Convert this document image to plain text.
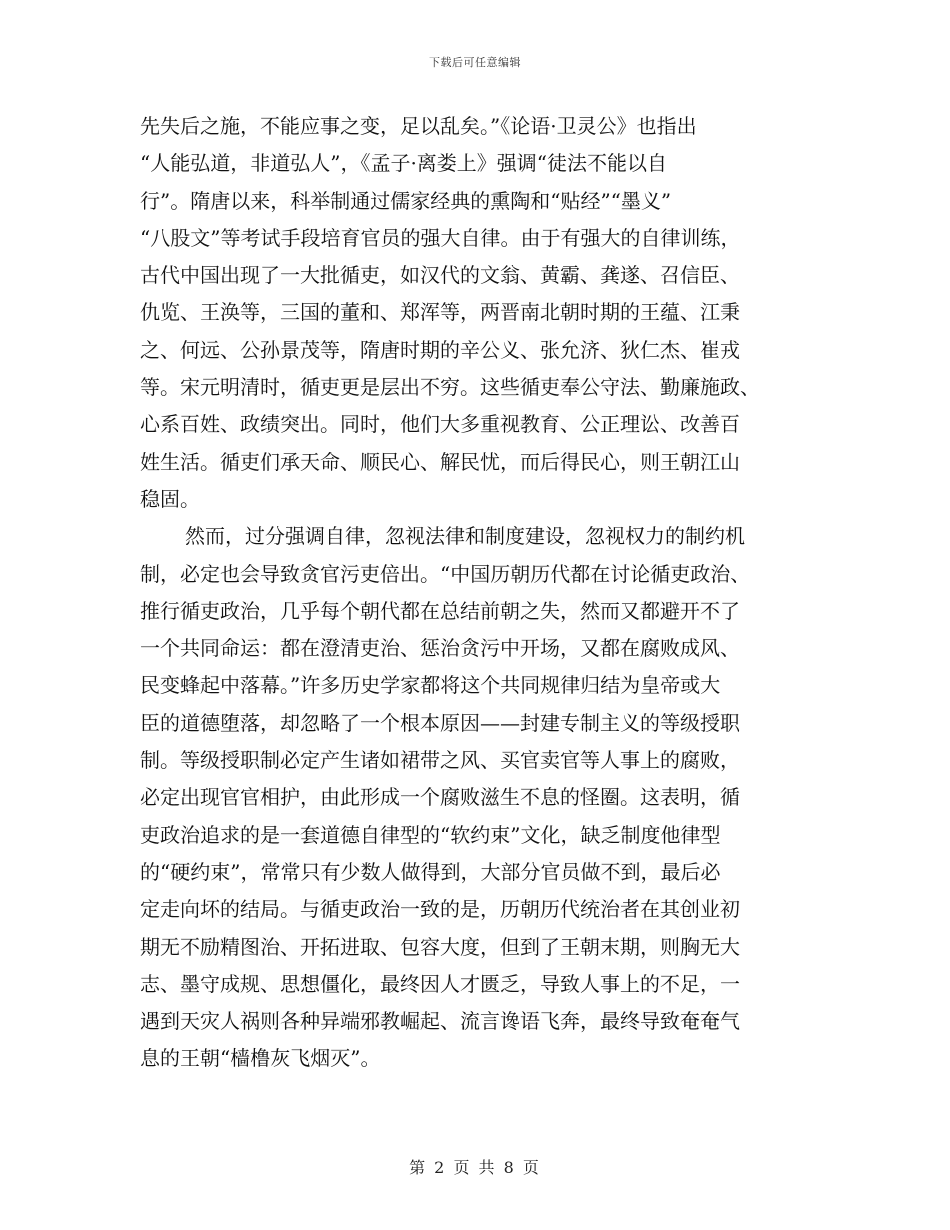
下载后可任意编辑
先失后之施，不能应事之变，足以乱矣。”《论语·卫灵公》也指出
“人能弘道，非道弘人”，《孟子·离娄上》强调“徒法不能以自
行”。隋唐以来，科举制通过儒家经典的熏陶和“贴经”“墨义”
“八股文”等考试手段培育官员的强大自律。由于有强大的自律训练，
古代中国出现了一大批循吏，如汉代的文翁、黄霸、龚遂、召信臣、
仇览、王涣等，三国的董和、郑浑等，两晋南北朝时期的王蕴、江秉
之、何远、公孙景茂等，隋唐时期的辛公义、张允济、狄仁杰、崔戎
等。宋元明清时，循吏更是层出不穷。这些循吏奉公守法、勤廉施政、
心系百姓、政绩突出。同时，他们大多重视教育、公正理讼、改善百
姓生活。循吏们承天命、顺民心、解民忧，而后得民心，则王朝江山
稳固。
然而，过分强调自律，忽视法律和制度建设，忽视权力的制约机
制，必定也会导致贪官污吏倍出。“中国历朝历代都在讨论循吏政治、
推行循吏政治，几乎每个朝代都在总结前朝之失，然而又都避开不了
一个共同命运：都在澄清吏治、惩治贪污中开场，又都在腐败成风、
民变蜂起中落幕。”许多历史学家都将这个共同规律归结为皇帝或大
臣的道德堕落，却忽略了一个根本原因——封建专制主义的等级授职
制。等级授职制必定产生诸如裙带之风、买官卖官等人事上的腐败，
必定出现官官相护，由此形成一个腐败滋生不息的怪圈。这表明，循
吏政治追求的是一套道德自律型的“软约束”文化，缺乏制度他律型
的“硬约束”，常常只有少数人做得到，大部分官员做不到，最后必
定走向坏的结局。与循吏政治一致的是，历朝历代统治者在其创业初
期无不励精图治、开拓进取、包容大度，但到了王朝末期，则胸无大
志、墨守成规、思想僵化，最终因人才匮乏，导致人事上的不足，一
遇到天灾人祸则各种异端邪教崛起、流言谗语飞奔，最终导致奄奄气
息的王朝“樯橹灰飞烟灭”。
第 2 页 共 8 页
